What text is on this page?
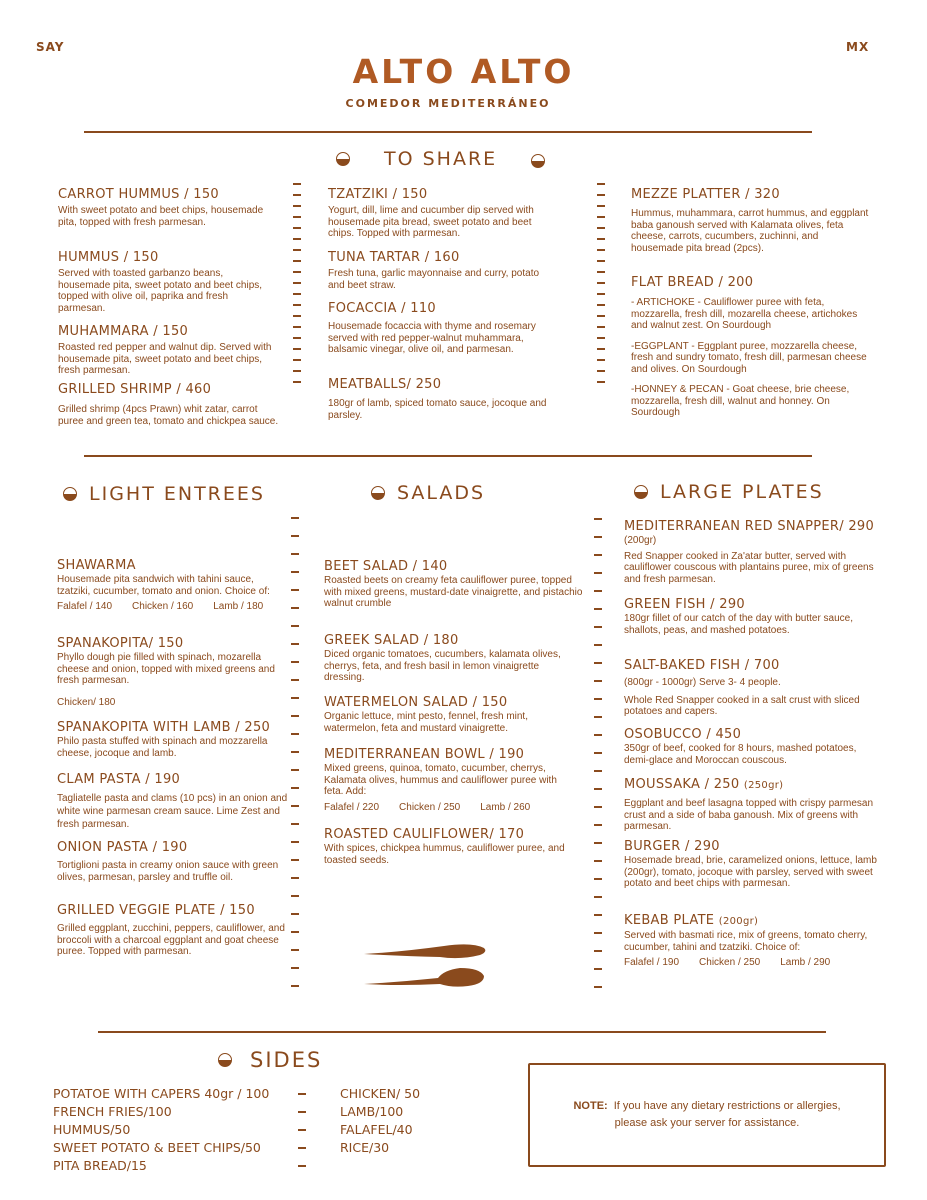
SAY	MX
ALTO ALTO
COMEDOR MEDITERRÁNEO
TO SHARE
CARROT HUMMUS / 150
With sweet potato and beet chips, housemade pita, topped with fresh parmesan.
HUMMUS / 150
Served with toasted garbanzo beans, housemade pita, sweet potato and beet chips, topped with olive oil, paprika and fresh parmesan.
MUHAMMARA / 150
Roasted red pepper and walnut dip. Served with housemade pita, sweet potato and beet chips, fresh parmesan.
GRILLED SHRIMP / 460
Grilled shrimp (4pcs Prawn) whit zatar, carrot puree and green tea, tomato and chickpea sauce.
TZATZIKI / 150
Yogurt, dill, lime and cucumber dip served with housemade pita bread, sweet potato and beet chips. Topped with parmesan.
TUNA TARTAR / 160
Fresh tuna, garlic mayonnaise and curry, potato and beet straw.
FOCACCIA / 110
Housemade focaccia with thyme and rosemary served with red pepper-walnut muhammara, balsamic vinegar, olive oil, and parmesan.
MEATBALLS/ 250
180gr of lamb, spiced tomato sauce, jocoque and parsley.
MEZZE PLATTER / 320
Hummus, muhammara, carrot hummus, and eggplant baba ganoush served with Kalamata olives, feta cheese, carrots, cucumbers, zuchinni, and housemade pita bread (2pcs).
FLAT BREAD / 200
- ARTICHOKE - Cauliflower puree with feta, mozzarella, fresh dill, mozarella cheese, artichokes and walnut zest. On Sourdough
-EGGPLANT - Eggplant puree, mozzarella cheese, fresh and sundry tomato, fresh dill, parmesan cheese and olives. On Sourdough
-HONNEY & PECAN - Goat cheese, brie cheese, mozzarella, fresh dill, walnut and honney. On Sourdough
LIGHT ENTREES	SALADS	LARGE PLATES
SHAWARMA
Housemade pita sandwich with tahini sauce, tzatziki, cucumber, tomato and onion. Choice of:
Falafel / 140 Chicken / 160 Lamb / 180
SPANAKOPITA/ 150
Phyllo dough pie filled with spinach, mozarella cheese and onion, topped with mixed greens and fresh parmesan.
Chicken/ 180
SPANAKOPITA WITH LAMB / 250
Philo pasta stuffed with spinach and mozzarella cheese, jocoque and lamb.
CLAM PASTA / 190
Tagliatelle pasta and clams (10 pcs) in an onion and white wine parmesan cream sauce. Lime Zest and fresh parmesan.
ONION PASTA / 190
Tortiglioni pasta in creamy onion sauce with green olives, parmesan, parsley and truffle oil.
GRILLED VEGGIE PLATE / 150
Grilled eggplant, zucchini, peppers, cauliflower, and broccoli with a charcoal eggplant and goat cheese puree. Topped with parmesan.
BEET SALAD / 140
Roasted beets on creamy feta cauliflower puree, topped with mixed greens, mustard-date vinaigrette, and pistachio walnut crumble
GREEK SALAD / 180
Diced organic tomatoes, cucumbers, kalamata olives, cherrys, feta, and fresh basil in lemon vinaigrette dressing.
WATERMELON SALAD / 150
Organic lettuce, mint pesto, fennel, fresh mint, watermelon, feta and mustard vinaigrette.
MEDITERRANEAN BOWL / 190
Mixed greens, quinoa, tomato, cucumber, cherrys, Kalamata olives, hummus and cauliflower puree with feta. Add:
Falafel / 220 Chicken / 250 Lamb / 260
ROASTED CAULIFLOWER/ 170
With spices, chickpea hummus, cauliflower puree, and toasted seeds.
MEDITERRANEAN RED SNAPPER/ 290
(200gr)
Red Snapper cooked in Za'atar butter, served with cauliflower couscous with plantains puree, mix of greens and fresh parmesan.
GREEN FISH / 290
180gr fillet of our catch of the day with butter sauce, shallots, peas, and mashed potatoes.
SALT-BAKED FISH / 700
(800gr - 1000gr) Serve 3- 4 people.
Whole Red Snapper cooked in a salt crust with sliced potatoes and capers.
OSOBUCCO / 450
350gr of beef, cooked for 8 hours, mashed potatoes, demi-glace and Moroccan couscous.
MOUSSAKA / 250 (250gr)
Eggplant and beef lasagna topped with crispy parmesan crust and a side of baba ganoush. Mix of greens with parmesan.
BURGER / 290
Hosemade bread, brie, caramelized onions, lettuce, lamb (200gr), tomato, jocoque with parsley, served with sweet potato and beet chips with parmesan.
KEBAB PLATE (200gr)
Served with basmati rice, mix of greens, tomato cherry, cucumber, tahini and tzatziki. Choice of:
Falafel / 190 Chicken / 250 Lamb / 290
SIDES
POTATOE WITH CAPERS 40gr / 100
FRENCH FRIES/100
HUMMUS/50
SWEET POTATO & BEET CHIPS/50
PITA BREAD/15
CHICKEN/ 50
LAMB/100
FALAFEL/40
RICE/30
NOTE: If you have any dietary restrictions or allergies,
please ask your server for assistance.
